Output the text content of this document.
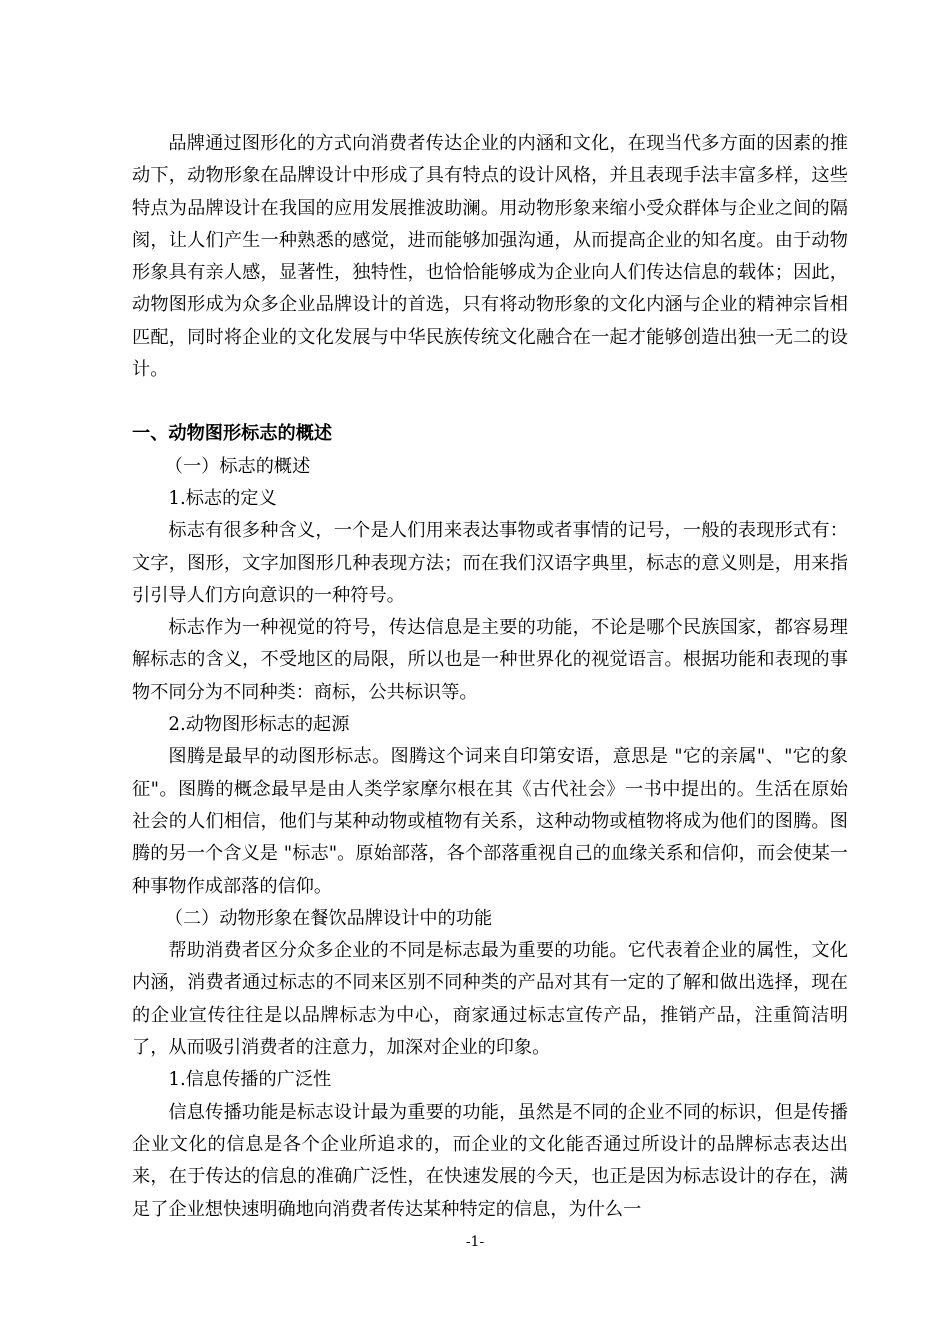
品牌通过图形化的方式向消费者传达企业的内涵和文化，在现当代多方面的因素的推动下，动物形象在品牌设计中形成了具有特点的设计风格，并且表现手法丰富多样，这些特点为品牌设计在我国的应用发展推波助澜。用动物形象来缩小受众群体与企业之间的隔阂，让人们产生一种熟悉的感觉，进而能够加强沟通，从而提高企业的知名度。由于动物形象具有亲人感，显著性，独特性，也恰恰能够成为企业向人们传达信息的载体；因此，动物图形成为众多企业品牌设计的首选，只有将动物形象的文化内涵与企业的精神宗旨相匹配，同时将企业的文化发展与中华民族传统文化融合在一起才能够创造出独一无二的设计。

一、动物图形标志的概述

（一）标志的概述

1.标志的定义

标志有很多种含义，一个是人们用来表达事物或者事情的记号，一般的表现形式有：文字，图形，文字加图形几种表现方法；而在我们汉语字典里，标志的意义则是，用来指引引导人们方向意识的一种符号。

标志作为一种视觉的符号，传达信息是主要的功能，不论是哪个民族国家，都容易理解标志的含义，不受地区的局限，所以也是一种世界化的视觉语言。根据功能和表现的事物不同分为不同种类：商标，公共标识等。

2.动物图形标志的起源

图腾是最早的动图形标志。图腾这个词来自印第安语，意思是 "它的亲属"、"它的象征"。图腾的概念最早是由人类学家摩尔根在其《古代社会》一书中提出的。生活在原始社会的人们相信，他们与某种动物或植物有关系，这种动物或植物将成为他们的图腾。图腾的另一个含义是 "标志"。原始部落，各个部落重视自己的血缘关系和信仰，而会使某一种事物作成部落的信仰。

（二）动物形象在餐饮品牌设计中的功能

帮助消费者区分众多企业的不同是标志最为重要的功能。它代表着企业的属性，文化内涵，消费者通过标志的不同来区别不同种类的产品对其有一定的了解和做出选择，现在的企业宣传往往是以品牌标志为中心，商家通过标志宣传产品，推销产品，注重简洁明了，从而吸引消费者的注意力，加深对企业的印象。

1.信息传播的广泛性

信息传播功能是标志设计最为重要的功能，虽然是不同的企业不同的标识，但是传播企业文化的信息是各个企业所追求的，而企业的文化能否通过所设计的品牌标志表达出来，在于传达的信息的准确广泛性，在快速发展的今天，也正是因为标志设计的存在，满足了企业想快速明确地向消费者传达某种特定的信息，为什么一

-1-
